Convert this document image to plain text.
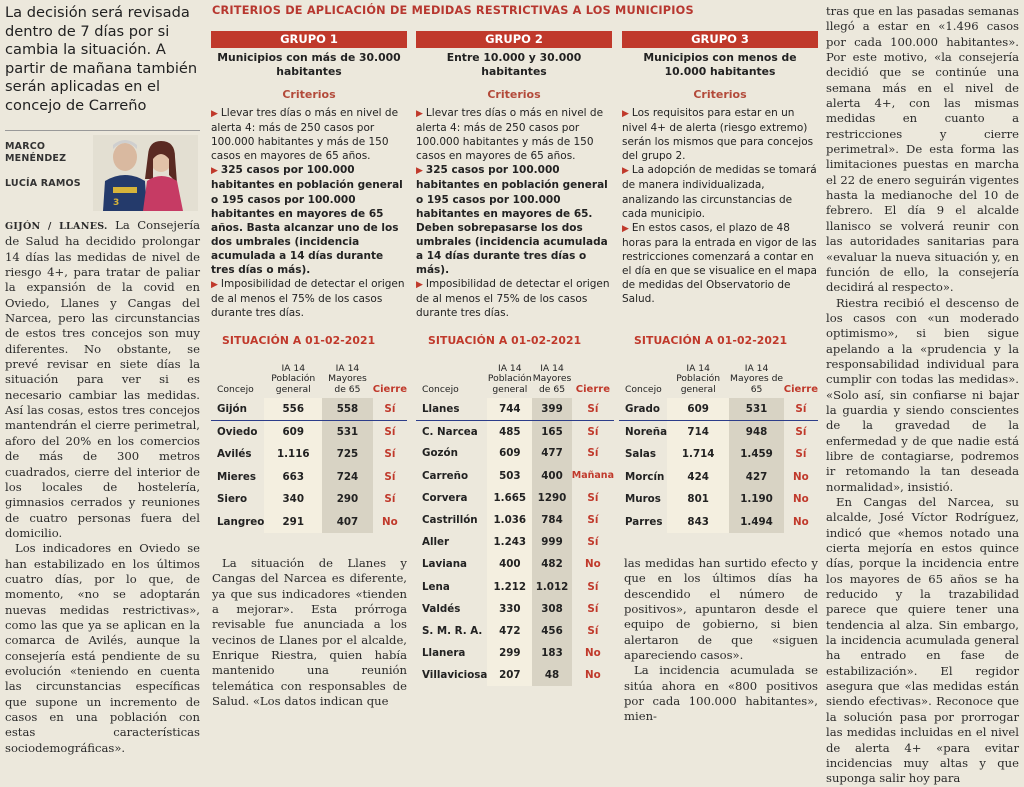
La decisión será revisada dentro de 7 días por si cambia la situación. A partir de mañana también serán aplicadas en el concejo de Carreño
MARCO MENÉNDEZ
LUCÍA RAMOS
3

GIJÓN / LLANES. La Consejería de Salud ha decidido prolongar 14 días las medidas de nivel de riesgo 4+, para tratar de paliar la expansión de la covid en Oviedo, Llanes y Cangas del Narcea, pero las circunstancias de estos tres concejos son muy diferentes. No obstante, se prevé revisar en siete días la situación para ver si es necesario cambiar las medidas. Así las cosas, estos tres concejos mantendrán el cierre perimetral, aforo del 20% en los comercios de más de 300 metros cuadrados, cierre del interior de los locales de hostelería, gimnasios cerrados y reuniones de cuatro personas fuera del domicilio.

Los indicadores en Oviedo se han estabilizado en los últimos cuatro días, por lo que, de momento, «no se adoptarán nuevas medidas restrictivas», como las que ya se aplican en la comarca de Avilés, aunque la consejería está pendiente de su evolución «teniendo en cuenta las circunstancias específicas que supone un incremento de casos en una población con estas características sociodemográficas».

CRITERIOS DE APLICACIÓN DE MEDIDAS RESTRICTIVAS A LOS MUNICIPIOS
GRUPO 1
Municipios con más de 30.000 habitantes
Criterios
▶ Llevar tres días o más en nivel de alerta 4: más de 250 casos por 100.000 habitantes y más de 150 casos en mayores de 65 años.
▶ 325 casos por 100.000 habitantes en población general o 195 casos por 100.000 habitantes en mayores de 65 años. Basta alcanzar uno de los dos umbrales (incidencia acumulada a 14 días durante tres días o más).
▶ Imposibilidad de detectar el origen de al menos el 75% de los casos durante tres días.
GRUPO 2
Entre 10.000 y 30.000 habitantes
Criterios
▶ Llevar tres días o más en nivel de alerta 4: más de 250 casos por 100.000 habitantes y más de 150 casos en mayores de 65 años.
▶ 325 casos por 100.000 habitantes en población general o 195 casos por 100.000 habitantes en mayores de 65. Deben sobrepasarse los dos umbrales (incidencia acumulada a 14 días durante tres días o más).
▶ Imposibilidad de detectar el origen de al menos el 75% de los casos durante tres días.
GRUPO 3
Municipios con menos de 10.000 habitantes
Criterios
▶ Los requisitos para estar en un nivel 4+ de alerta (riesgo extremo) serán los mismos que para concejos del grupo 2.
▶ La adopción de medidas se tomará de manera individualizada, analizando las circunstancias de cada municipio.
▶ En estos casos, el plazo de 48 horas para la entrada en vigor de las restricciones comenzará a contar en el día en que se visualice en el mapa de medidas del Observatorio de Salud.
SITUACIÓN A 01-02-2021	SITUACIÓN A 01-02-2021	SITUACIÓN A 01-02-2021
Concejo	IA 14 Población general	IA 14 Mayores de 65	Cierre
Gijón	556	558	Sí
Oviedo	609	531	Sí
Avilés	1.116	725	Sí
Mieres	663	724	Sí
Siero	340	290	Sí
Langreo	291	407	No
Concejo	IA 14 Población general	IA 14 Mayores de 65	Cierre
Llanes	744	399	Sí
C. Narcea	485	165	Sí
Gozón	609	477	Sí
Carreño	503	400	Mañana
Corvera	1.665	1290	Sí
Castrillón	1.036	784	Sí
Aller	1.243	999	Sí
Laviana	400	482	No
Lena	1.212	1.012	Sí
Valdés	330	308	Sí
S. M. R. A.	472	456	Sí
Llanera	299	183	No
Villaviciosa	207	48	No
Concejo	IA 14 Población general	IA 14 Mayores de 65	Cierre
Grado	609	531	Sí
Noreña	714	948	Sí
Salas	1.714	1.459	Sí
Morcín	424	427	No
Muros	801	1.190	No
Parres	843	1.494	No

La situación de Llanes y Cangas del Narcea es diferente, ya que sus indicadores «tienden a mejorar». Esta prórroga revisable fue anunciada a los vecinos de Llanes por el alcalde, Enrique Riestra, quien había mantenido una reunión telemática con responsables de Salud. «Los datos indican que

las medidas han surtido efecto y que en los últimos días ha descendido el número de positivos», apuntaron desde el equipo de gobierno, si bien alertaron de que «siguen apareciendo casos».

La incidencia acumulada se sitúa ahora en «800 positivos por cada 100.000 habitantes», mien-

tras que en las pasadas semanas llegó a estar en «1.496 casos por cada 100.000 habitantes». Por este motivo, «la consejería decidió que se continúe una semana más en el nivel de alerta 4+, con las mismas medidas en cuanto a restricciones y cierre perimetral». De esta forma las limitaciones puestas en marcha el 22 de enero seguirán vigentes hasta la medianoche del 10 de febrero. El día 9 el alcalde llanisco se volverá reunir con las autoridades sanitarias para «evaluar la nueva situación y, en función de ello, la consejería decidirá al respecto».

Riestra recibió el descenso de los casos con «un moderado optimismo», si bien sigue apelando a la «prudencia y la responsabilidad individual para cumplir con todas las medidas». «Solo así, sin confiarse ni bajar la guardia y siendo conscientes de la gravedad de la enfermedad y de que nadie está libre de contagiarse, podremos ir retomando la tan deseada normalidad», insistió.

En Cangas del Narcea, su alcalde, José Víctor Rodríguez, indicó que «hemos notado una cierta mejoría en estos quince días, porque la incidencia entre los mayores de 65 años se ha reducido y la trazabilidad parece que quiere tener una tendencia al alza. Sin embargo, la incidencia acumulada general ha entrado en fase de estabilización». El regidor asegura que «las medidas están siendo efectivas». Reconoce que la solución pasa por prorrogar las medidas incluidas en el nivel de alerta 4+ «para evitar incidencias muy altas y que suponga salir hoy para
